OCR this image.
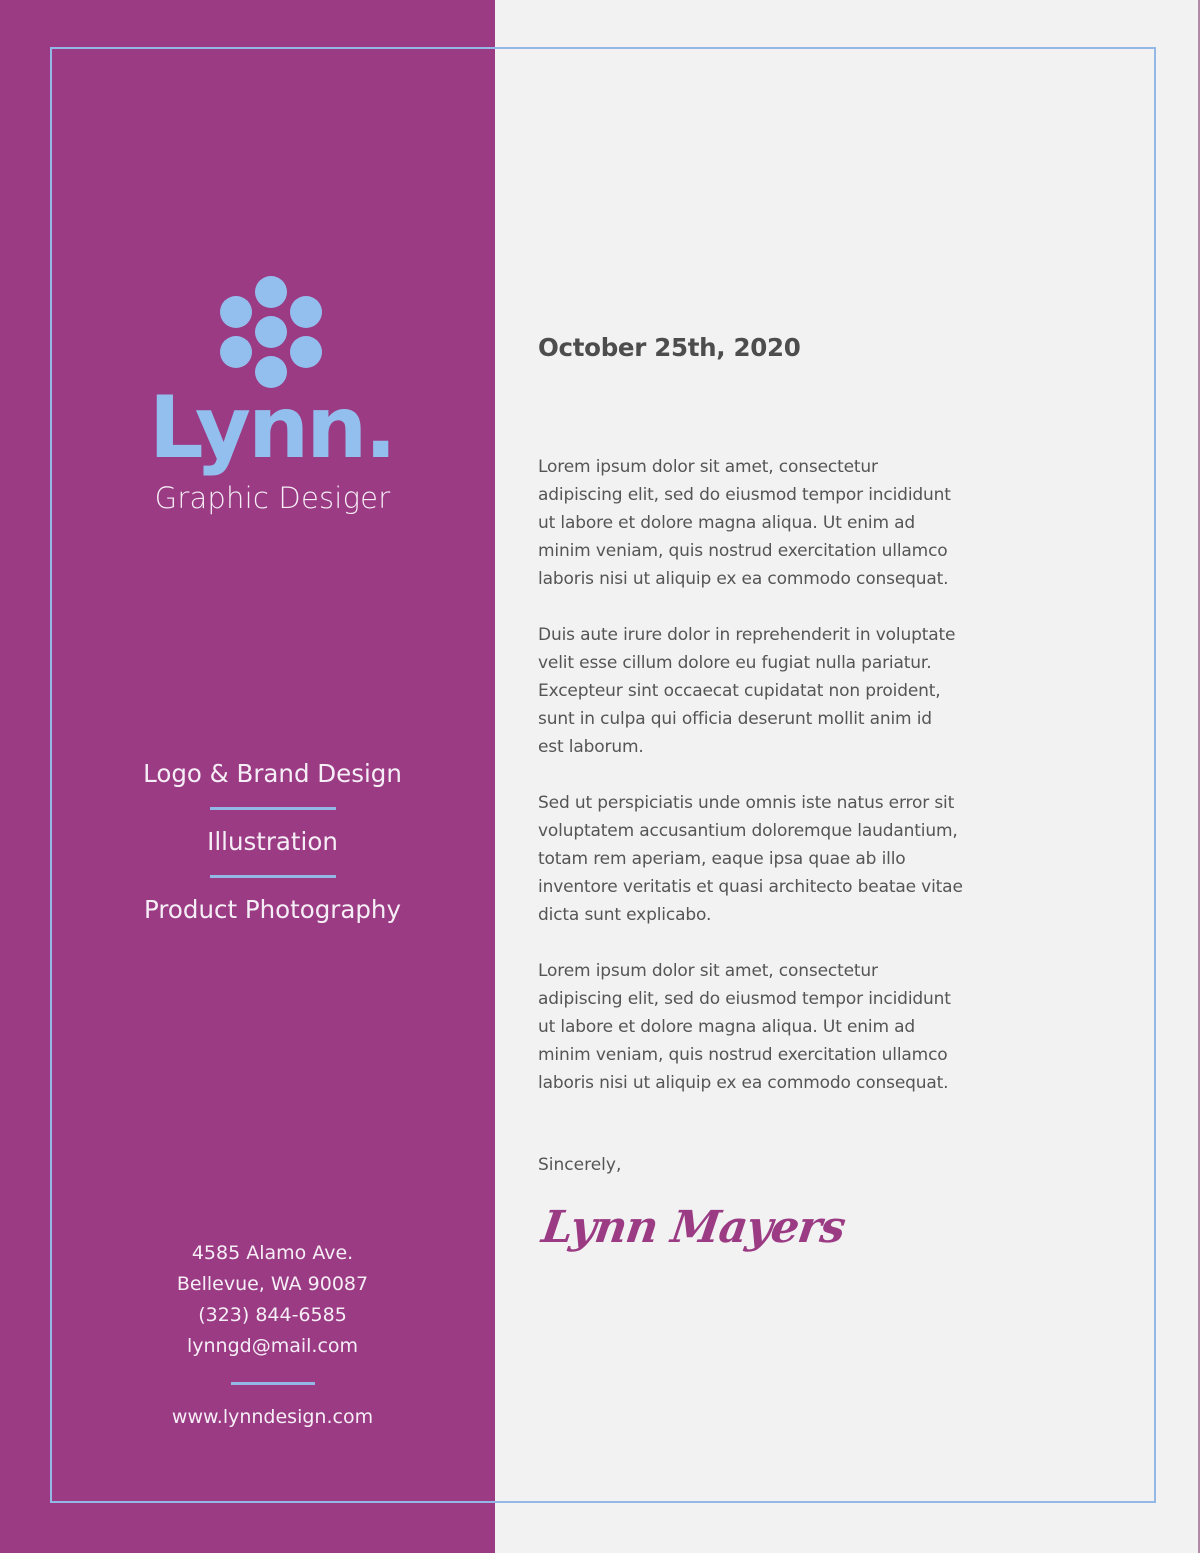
Lynn.
Graphic Desiger
Logo & Brand Design
Illustration
Product Photography
4585 Alamo Ave.
Bellevue, WA 90087
(323) 844-6585
lynngd@mail.com
www.lynndesign.com
October 25th, 2020
Lorem ipsum dolor sit amet, consectetur
adipiscing elit, sed do eiusmod tempor incididunt
ut labore et dolore magna aliqua. Ut enim ad
minim veniam, quis nostrud exercitation ullamco
laboris nisi ut aliquip ex ea commodo consequat.
Duis aute irure dolor in reprehenderit in voluptate
velit esse cillum dolore eu fugiat nulla pariatur.
Excepteur sint occaecat cupidatat non proident,
sunt in culpa qui officia deserunt mollit anim id
est laborum.
Sed ut perspiciatis unde omnis iste natus error sit
voluptatem accusantium doloremque laudantium,
totam rem aperiam, eaque ipsa quae ab illo
inventore veritatis et quasi architecto beatae vitae
dicta sunt explicabo.
Lorem ipsum dolor sit amet, consectetur
adipiscing elit, sed do eiusmod tempor incididunt
ut labore et dolore magna aliqua. Ut enim ad
minim veniam, quis nostrud exercitation ullamco
laboris nisi ut aliquip ex ea commodo consequat.
Sincerely,
Lynn Mayers
